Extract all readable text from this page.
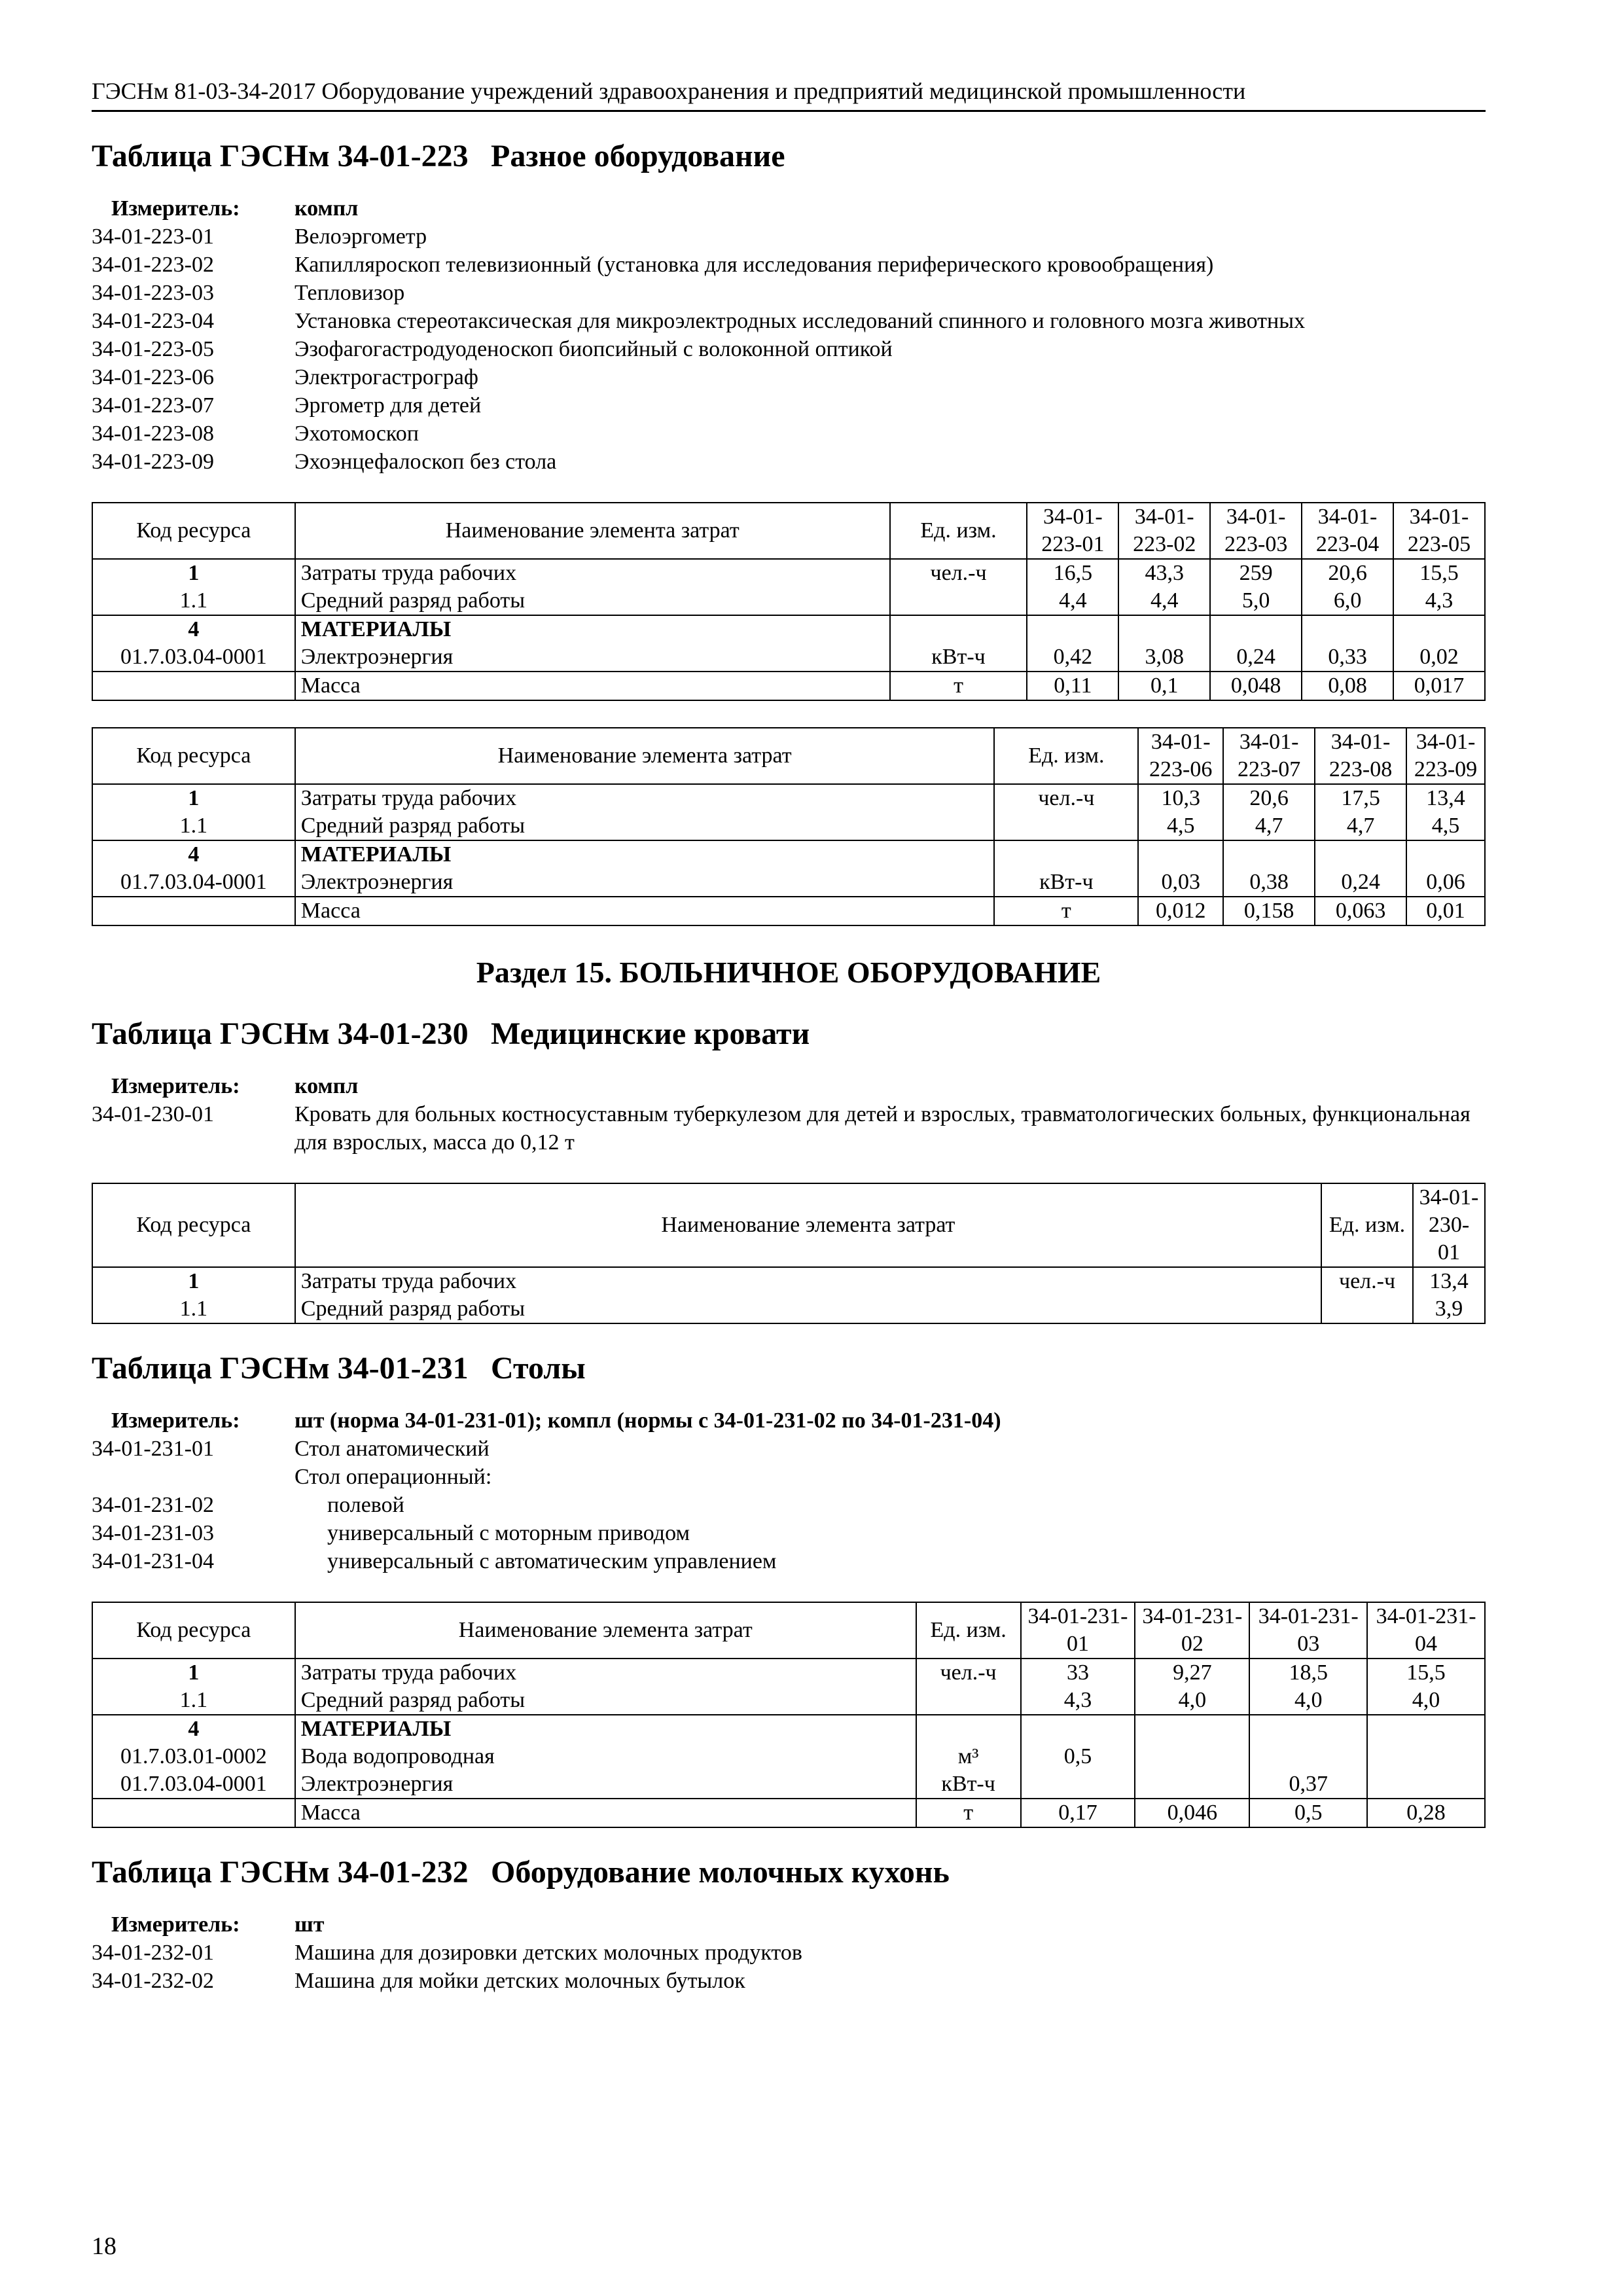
ГЭСНм 81-03-34-2017 Оборудование учреждений здравоохранения и предприятий медицинской промышленности
Таблица ГЭСНм 34-01-223 Разное оборудование
Измеритель:	компл
34-01-223-01	Велоэргометр
34-01-223-02	Капилляроскоп телевизионный (установка для исследования периферического кровообращения)
34-01-223-03	Тепловизор
34-01-223-04	Установка стереотаксическая для микроэлектродных исследований спинного и головного мозга животных
34-01-223-05	Эзофагогастродуоденоскоп биопсийный с волоконной оптикой
34-01-223-06	Электрогастрограф
34-01-223-07	Эргометр для детей
34-01-223-08	Эхотомоскоп
34-01-223-09	Эхоэнцефалоскоп без стола
Код ресурса	Наименование элемента затрат	Ед. изм.	34-01-223-01	34-01-223-02	34-01-223-03	34-01-223-04	34-01-223-05
1	Затраты труда рабочих	чел.-ч	16,5	43,3	259	20,6	15,5
1.1	Средний разряд работы		4,4	4,4	5,0	6,0	4,3
4	МАТЕРИАЛЫ						
01.7.03.04-0001	Электроэнергия	кВт-ч	0,42	3,08	0,24	0,33	0,02
	Масса	т	0,11	0,1	0,048	0,08	0,017
Код ресурса	Наименование элемента затрат	Ед. изм.	34-01-223-06	34-01-223-07	34-01-223-08	34-01-223-09
1	Затраты труда рабочих	чел.-ч	10,3	20,6	17,5	13,4
1.1	Средний разряд работы		4,5	4,7	4,7	4,5
4	МАТЕРИАЛЫ					
01.7.03.04-0001	Электроэнергия	кВт-ч	0,03	0,38	0,24	0,06
	Масса	т	0,012	0,158	0,063	0,01
Раздел 15. БОЛЬНИЧНОЕ ОБОРУДОВАНИЕ
Таблица ГЭСНм 34-01-230 Медицинские кровати
Измеритель:	компл
34-01-230-01	Кровать для больных костносуставным туберкулезом для детей и взрослых, травматологических больных, функциональная для взрослых, масса до 0,12 т
Код ресурса	Наименование элемента затрат	Ед. изм.	34-01-230-01
1	Затраты труда рабочих	чел.-ч	13,4
1.1	Средний разряд работы		3,9
Таблица ГЭСНм 34-01-231 Столы
Измеритель:	шт (норма 34-01-231-01); компл (нормы с 34-01-231-02 по 34-01-231-04)
34-01-231-01	Стол анатомический
Стол операционный:
34-01-231-02	полевой
34-01-231-03	универсальный с моторным приводом
34-01-231-04	универсальный с автоматическим управлением
Код ресурса	Наименование элемента затрат	Ед. изм.	34-01-231-01	34-01-231-02	34-01-231-03	34-01-231-04
1	Затраты труда рабочих	чел.-ч	33	9,27	18,5	15,5
1.1	Средний разряд работы		4,3	4,0	4,0	4,0
4	МАТЕРИАЛЫ					
01.7.03.01-0002	Вода водопроводная	м³	0,5			
01.7.03.04-0001	Электроэнергия	кВт-ч			0,37	
	Масса	т	0,17	0,046	0,5	0,28
Таблица ГЭСНм 34-01-232 Оборудование молочных кухонь
Измеритель:	шт
34-01-232-01	Машина для дозировки детских молочных продуктов
34-01-232-02	Машина для мойки детских молочных бутылок
18
